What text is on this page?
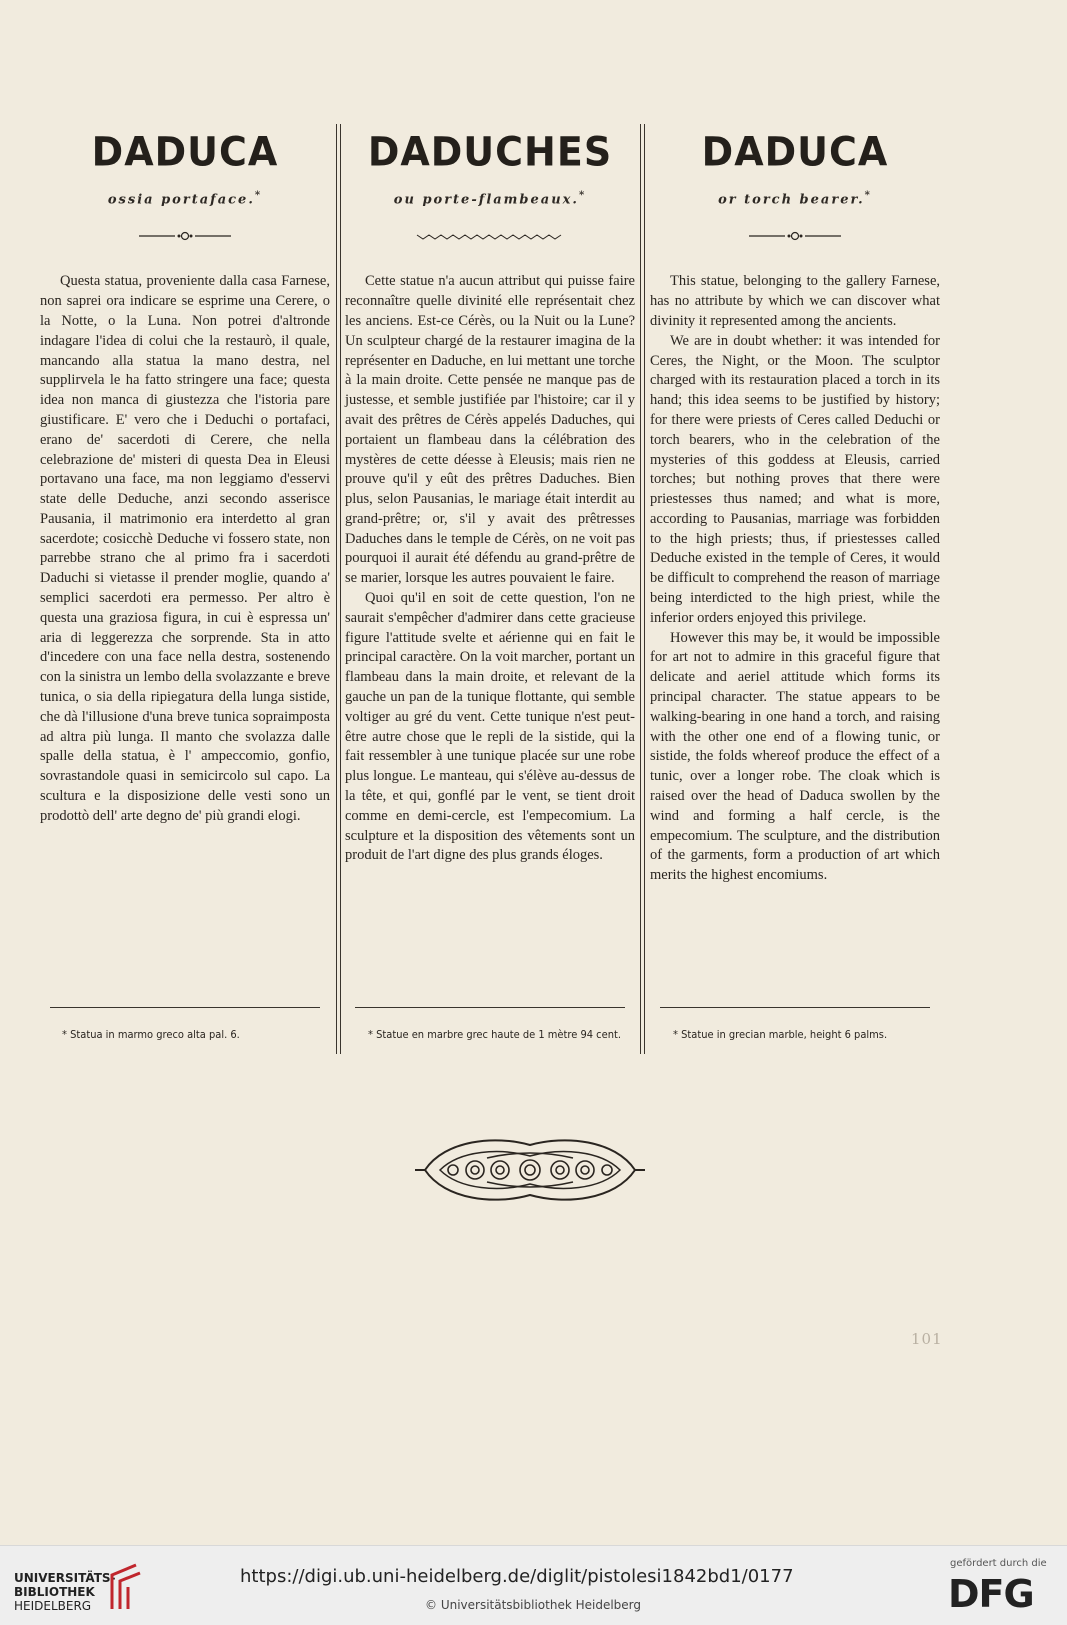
DADUCA
ossia portaface.*

Questa statua, proveniente dalla casa Farnese, non saprei ora indicare se esprime una Cerere, o la Notte, o la Luna. Non potrei d'altronde indagare l'idea di colui che la restaurò, il quale, mancando alla statua la mano destra, nel supplirvela le ha fatto stringere una face; questa idea non manca di giustezza che l'istoria pare giustificare. E' vero che i Deduchi o portafaci, erano de' sacerdoti di Cerere, che nella celebrazione de' misteri di questa Dea in Eleusi portavano una face, ma non leggiamo d'esservi state delle Deduche, anzi secondo asserisce Pausania, il matrimonio era interdetto al gran sacerdote; cosicchè Deduche vi fossero state, non parrebbe strano che al primo fra i sacerdoti Daduchi si vietasse il prender moglie, quando a' semplici sacerdoti era permesso. Per altro è questa una graziosa figura, in cui è espressa un' aria di leggerezza che sorprende. Sta in atto d'incedere con una face nella destra, sostenendo con la sinistra un lembo della svolazzante e breve tunica, o sia della ripiegatura della lunga sistide, che dà l'illusione d'una breve tunica sopraimposta ad altra più lunga. Il manto che svolazza dalle spalle della statua, è l' ampeccomio, gonfio, sovrastandole quasi in semicircolo sul capo. La scultura e la disposizione delle vesti sono un prodottò dell' arte degno de' più grandi elogi.

DADUCHES
ou porte-flambeaux.*

Cette statue n'a aucun attribut qui puisse faire reconnaître quelle divinité elle représentait chez les anciens. Est-ce Cérès, ou la Nuit ou la Lune? Un sculpteur chargé de la restaurer imagina de la représenter en Daduche, en lui mettant une torche à la main droite. Cette pensée ne manque pas de justesse, et semble justifiée par l'histoire; car il y avait des prêtres de Cérès appelés Daduches, qui portaient un flambeau dans la célébration des mystères de cette déesse à Eleusis; mais rien ne prouve qu'il y eût des prêtres Daduches. Bien plus, selon Pausanias, le mariage était interdit au grand-prêtre; or, s'il y avait des prêtresses Daduches dans le temple de Cérès, on ne voit pas pourquoi il aurait été défendu au grand-prêtre de se marier, lorsque les autres pouvaient le faire.

Quoi qu'il en soit de cette question, l'on ne saurait s'empêcher d'admirer dans cette gracieuse figure l'attitude svelte et aérienne qui en fait le principal caractère. On la voit marcher, portant un flambeau dans la main droite, et relevant de la gauche un pan de la tunique flottante, qui semble voltiger au gré du vent. Cette tunique n'est peut-être autre chose que le repli de la sistide, qui la fait ressembler à une tunique placée sur une robe plus longue. Le manteau, qui s'élève au-dessus de la tête, et qui, gonflé par le vent, se tient droit comme en demi-cercle, est l'empecomium. La sculpture et la disposition des vêtements sont un produit de l'art digne des plus grands éloges.

DADUCA
or torch bearer.*

This statue, belonging to the gallery Farnese, has no attribute by which we can discover what divinity it represented among the ancients.

We are in doubt whether: it was intended for Ceres, the Night, or the Moon. The sculptor charged with its restauration placed a torch in its hand; this idea seems to be justified by history; for there were priests of Ceres called Deduchi or torch bearers, who in the celebration of the mysteries of this goddess at Eleusis, carried torches; but nothing proves that there were priestesses thus named; and what is more, according to Pausanias, marriage was forbidden to the high priests; thus, if priestesses called Deduche existed in the temple of Ceres, it would be difficult to comprehend the reason of marriage being interdicted to the high priest, while the inferior orders enjoyed this privilege.

However this may be, it would be impossible for art not to admire in this graceful figure that delicate and aeriel attitude which forms its principal character. The statue appears to be walking-bearing in one hand a torch, and raising with the other one end of a flowing tunic, or sistide, the folds whereof produce the effect of a tunic, over a longer robe. The cloak which is raised over the head of Daduca swollen by the wind and forming a half cercle, is the empecomium. The sculpture, and the distribution of the garments, form a production of art which merits the highest encomiums.

* Statua in marmo greco alta pal. 6.	* Statue en marbre grec haute de 1 mètre 94 cent.	* Statue in grecian marble, height 6 palms.
101
UNIVERSITÄTS-
BIBLIOTHEK
HEIDELBERG
https://digi.ub.uni-heidelberg.de/diglit/pistolesi1842bd1/0177
© Universitätsbibliothek Heidelberg
gefördert durch die
DFG
